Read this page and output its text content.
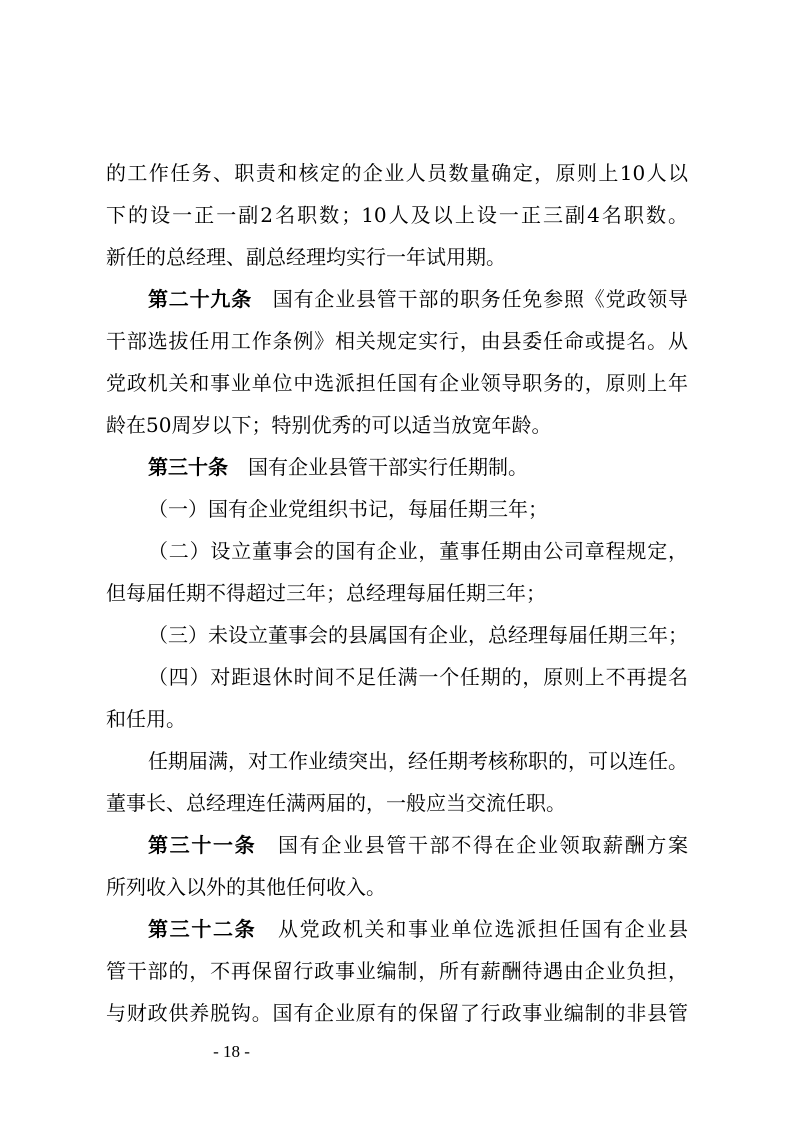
的工作任务、职责和核定的企业人员数量确定，原则上10人以
下的设一正一副2名职数；10人及以上设一正三副4名职数。
新任的总经理、副总经理均实行一年试用期。
第二十九条　国有企业县管干部的职务任免参照《党政领导
干部选拔任用工作条例》相关规定实行，由县委任命或提名。从
党政机关和事业单位中选派担任国有企业领导职务的，原则上年
龄在50周岁以下；特别优秀的可以适当放宽年龄。
第三十条　国有企业县管干部实行任期制。
（一）国有企业党组织书记，每届任期三年；
（二）设立董事会的国有企业，董事任期由公司章程规定，
但每届任期不得超过三年；总经理每届任期三年；
（三）未设立董事会的县属国有企业，总经理每届任期三年；
（四）对距退休时间不足任满一个任期的，原则上不再提名
和任用。
任期届满，对工作业绩突出，经任期考核称职的，可以连任。
董事长、总经理连任满两届的，一般应当交流任职。
第三十一条　国有企业县管干部不得在企业领取薪酬方案
所列收入以外的其他任何收入。
第三十二条　从党政机关和事业单位选派担任国有企业县
管干部的，不再保留行政事业编制，所有薪酬待遇由企业负担，
与财政供养脱钩。国有企业原有的保留了行政事业编制的非县管
- 18 -
